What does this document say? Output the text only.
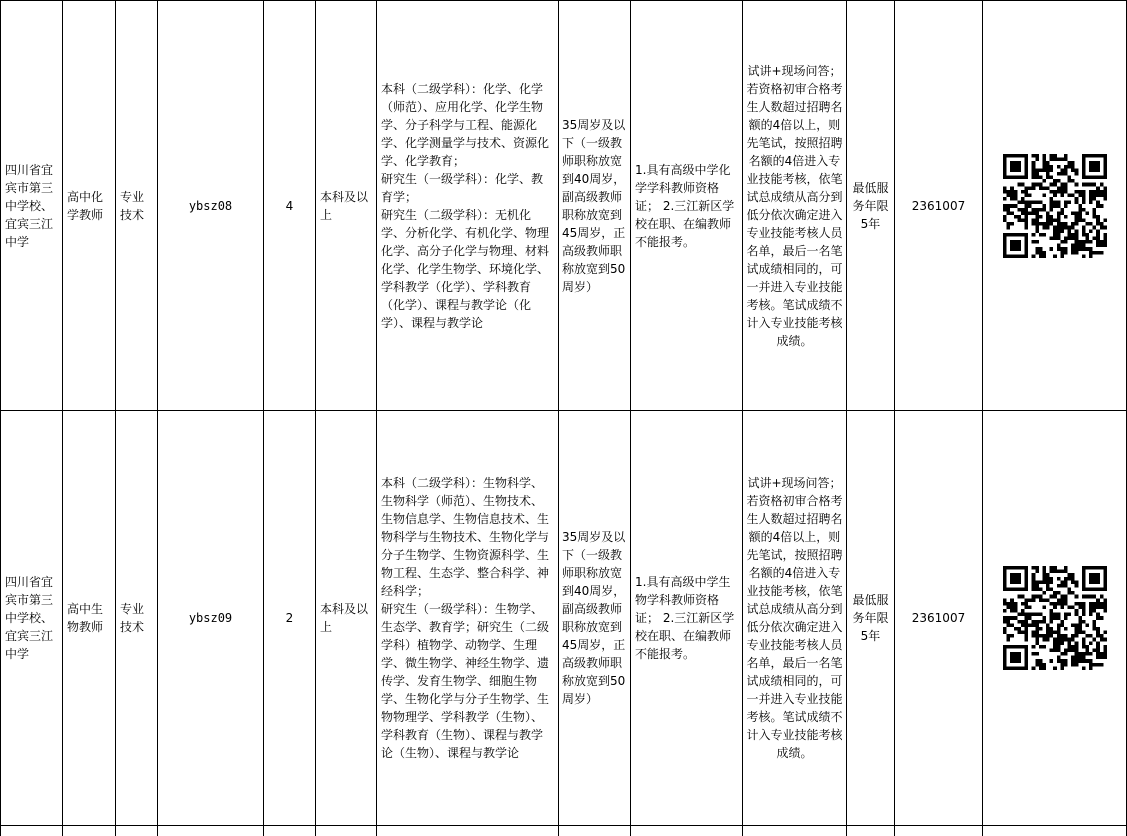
四川省宜宾市第三中学校、宜宾三江中学	高中化学教师	专业技术	ybsz08	4	本科及以上	本科（二级学科）：化学、化学（师范）、应用化学、化学生物学、分子科学与工程、能源化学、化学测量学与技术、资源化学、化学教育；
研究生（一级学科）：化学、教育学；
研究生（二级学科）：无机化学、分析化学、有机化学、物理化学、高分子化学与物理、材料化学、化学生物学、环境化学、学科教学（化学）、学科教育（化学）、课程与教学论（化学）、课程与教学论	35周岁及以下（一级教师职称放宽到40周岁，副高级教师职称放宽到45周岁，正高级教师职称放宽到50周岁）	1.具有高级中学化学学科教师资格证； 2.三江新区学校在职、在编教师不能报考。	试讲+现场问答；若资格初审合格考生人数超过招聘名额的4倍以上，则先笔试，按照招聘名额的4倍进入专业技能考核，依笔试总成绩从高分到低分依次确定进入专业技能考核人员名单，最后一名笔试成绩相同的，可一并进入专业技能考核。笔试成绩不计入专业技能考核成绩。	最低服务年限5年	2361007	

四川省宜宾市第三中学校、宜宾三江中学	高中生物教师	专业技术	ybsz09	2	本科及以上	本科（二级学科）：生物科学、生物科学（师范）、生物技术、生物信息学、生物信息技术、生物科学与生物技术、生物化学与分子生物学、生物资源科学、生物工程、生态学、整合科学、神经科学；
研究生（一级学科）：生物学、生态学、教育学；研究生（二级学科）植物学、动物学、生理学、微生物学、神经生物学、遗传学、发育生物学、细胞生物学、生物化学与分子生物学、生物物理学、学科教学（生物）、学科教育（生物）、课程与教学论（生物）、课程与教学论	35周岁及以下（一级教师职称放宽到40周岁，副高级教师职称放宽到45周岁，正高级教师职称放宽到50周岁）	1.具有高级中学生物学科教师资格证； 2.三江新区学校在职、在编教师不能报考。	试讲+现场问答；若资格初审合格考生人数超过招聘名额的4倍以上，则先笔试，按照招聘名额的4倍进入专业技能考核，依笔试总成绩从高分到低分依次确定进入专业技能考核人员名单，最后一名笔试成绩相同的，可一并进入专业技能考核。笔试成绩不计入专业技能考核成绩。	最低服务年限5年	2361007	
